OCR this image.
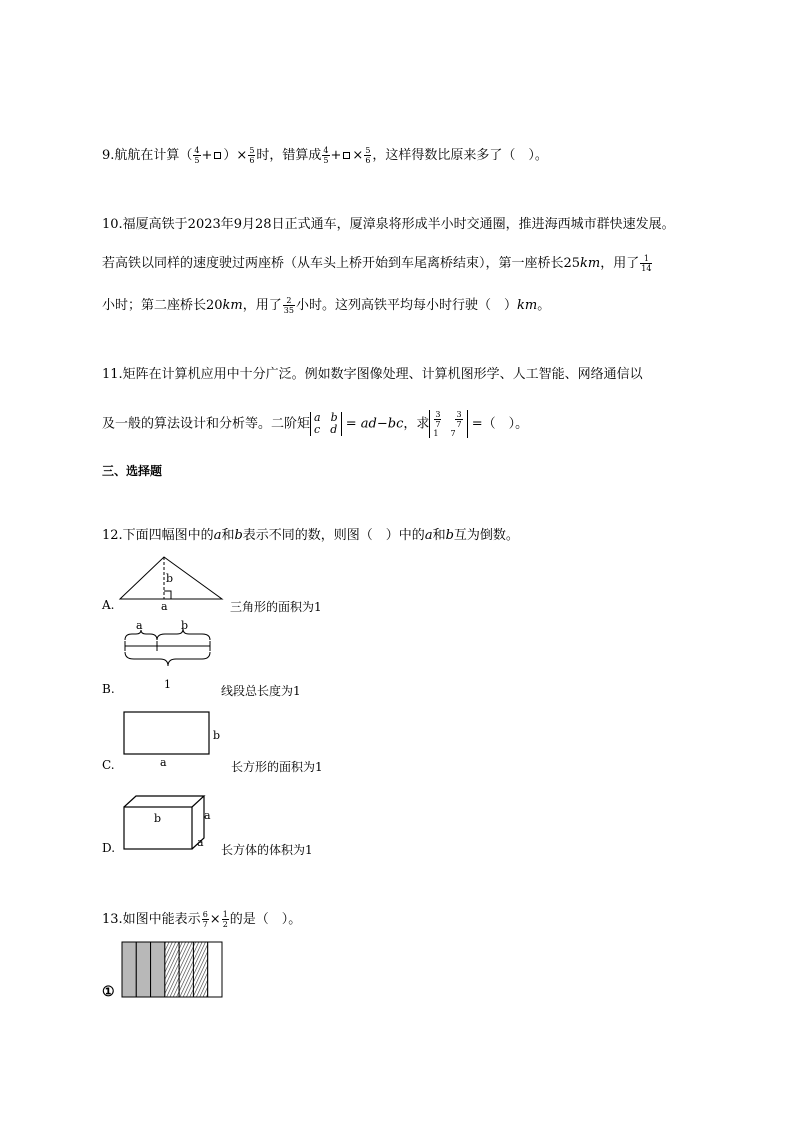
9.航航在计算（ $\frac{4}{5}$ + ）× $\frac{5}{6}$ 时，错算成 $\frac{4}{5}$ + × $\frac{5}{6}$ ，这样得数比原来多了（　）。
10.福厦高铁于2023年9月28日正式通车，厦漳泉将形成半小时交通圈，推进海西城市群快速发展。
若高铁以同样的速度驶过两座桥（从车头上桥开始到车尾离桥结束），第一座桥长25km，用了 $\frac{1}{14}$
小时；第二座桥长20km，用了 $\frac{2}{35}$ 小时。这列高铁平均每小时行驶（　）km。
11.矩阵在计算机应用中十分广泛。例如数字图像处理、计算机图形学、人工智能、网络通信以
及一般的算法设计和分析等。二阶矩 a b
c d = ad−bc，求 $\frac{3}{7} \frac{3}{7}$
1 7
=（　）。
三、选择题
12.下面四幅图中的a和b表示不同的数，则图（　）中的a和b互为倒数。
b
a
A.	三角形的面积为1
a	b
1
B.	线段总长度为1
b
a
C.	长方形的面积为1
b	a
a
D.	长方体的体积为1
13.如图中能表示 $\frac{6}{7} \times \frac{1}{2}$ 的是（　）。
①
